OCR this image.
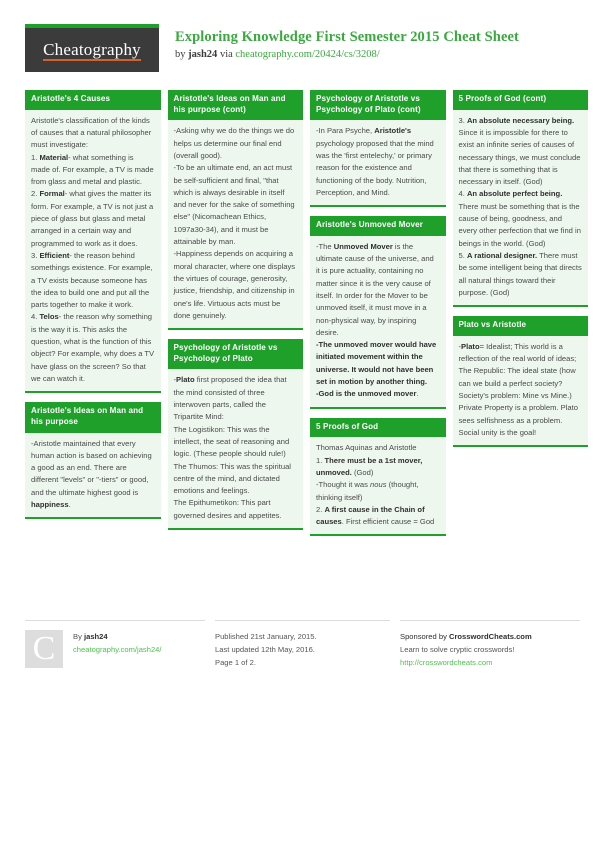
Cheatography
Exploring Knowledge First Semester 2015 Cheat Sheet
by jash24 via cheatography.com/20424/cs/3208/
Aristotle's 4 Causes
Aristotle's classification of the kinds of causes that a natural philosopher must investigate:
1. Material- what something is made of. For example, a TV is made from glass and metal and plastic.
2. Formal- what gives the matter its form. For example, a TV is not just a piece of glass but glass and metal arranged in a certain way and programmed to work as it does.
3. Efficient- the reason behind somethings existence. For example, a TV exists because someone has the idea to build one and put all the parts together to make it work.
4. Telos- the reason why something is the way it is. This asks the question, what is the function of this object? For example, why does a TV have glass on the screen? So that we can watch it.
Aristotle's Ideas on Man and his purpose
-Aristotle maintained that every human action is based on achieving a good as an end. There are different "levels" or "-tiers" or good, and the ultimate highest good is happiness.
Aristotle's Ideas on Man and his purpose (cont)
-Asking why we do the things we do helps us determine our final end (overall good).
-To be an ultimate end, an act must be self-sufficient and final, "that which is always desirable in itself and never for the sake of something else" (Nicomachean Ethics, 1097a30-34), and it must be attainable by man.
-Happiness depends on acquiring a moral character, where one displays the virtues of courage, generosity, justice, friendship, and citizenship in one's life. Virtuous acts must be done genuinely.
Psychology of Aristotle vs Psychology of Plato
-Plato first proposed the idea that the mind consisted of three interwoven parts, called the Tripartite Mind:
The Logistikon: This was the intellect, the seat of reasoning and logic. (These people should rule!)
The Thumos: This was the spiritual centre of the mind, and dictated emotions and feelings.
The Epithumetikon: This part governed desires and appetites.
Psychology of Aristotle vs Psychology of Plato (cont)
-In Para Psyche, Aristotle's psychology proposed that the mind was the 'first entelechy,' or primary reason for the existence and functioning of the body. Nutrition, Perception, and Mind.
Aristotle's Unmoved Mover
-The Unmoved Mover is the ultimate cause of the universe, and it is pure actuality, containing no matter since it is the very cause of itself. In order for the Mover to be unmoved itself, it must move in a non-physical way, by inspiring desire.
-The unmoved mover would have initiated movement within the universe. It would not have been set in motion by another thing.
-God is the unmoved mover.
5 Proofs of God
Thomas Aquinas and Aristotle
1. There must be a 1st mover, unmoved. (God)
-Thought it was nous (thought, thinking itself)
2. A first cause in the Chain of causes. First efficient cause = God
5 Proofs of God (cont)
3. An absolute necessary being. Since it is impossible for there to exist an infinite series of causes of necessary things, we must conclude that there is something that is necessary in itself. (God)
4. An absolute perfect being. There must be something that is the cause of being, goodness, and every other perfection that we find in beings in the world. (God)
5. A rational designer. There must be some intelligent being that directs all natural things toward their purpose. (God)
Plato vs Aristotle
-Plato= Idealist; This world is a reflection of the real world of ideas; The Republic: The ideal state (how can we build a perfect society? Society's problem: Mine vs Mine.) Private Property is a problem. Plato sees selfishness as a problem. Social unity is the goal!
C	By jash24
cheatography.com/jash24/
Published 21st January, 2015.
Last updated 12th May, 2016.
Page 1 of 2.
Sponsored by CrosswordCheats.com
Learn to solve cryptic crosswords!
http://crosswordcheats.com
